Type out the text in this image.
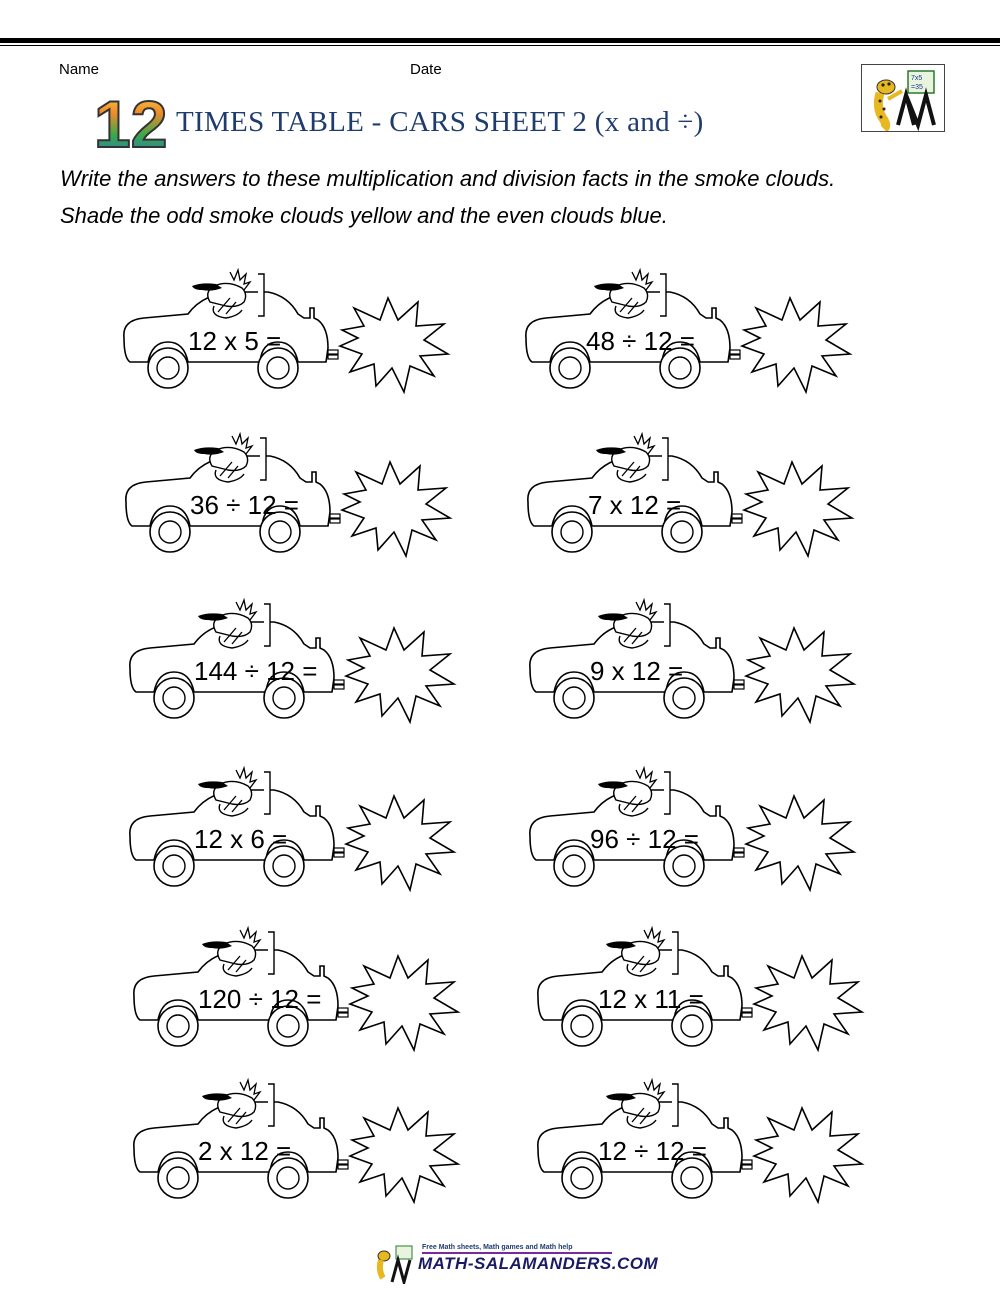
Name	Date
12 TIMES TABLE - CARS SHEET 2 (x and ÷)
7x5
=35
Write the answers to these multiplication and division facts in the smoke clouds.
Shade the odd smoke clouds yellow and the even clouds blue.
12 x 5 =	48 ÷ 12 =
36 ÷ 12 =	7 x 12 =
144 ÷ 12 =	9 x 12 =
12 x 6 =	96 ÷ 12 =
120 ÷ 12 =	12 x 11 =
2 x 12 =	12 ÷ 12 =
Free Math sheets, Math games and Math help
MATH-SALAMANDERS.COM
